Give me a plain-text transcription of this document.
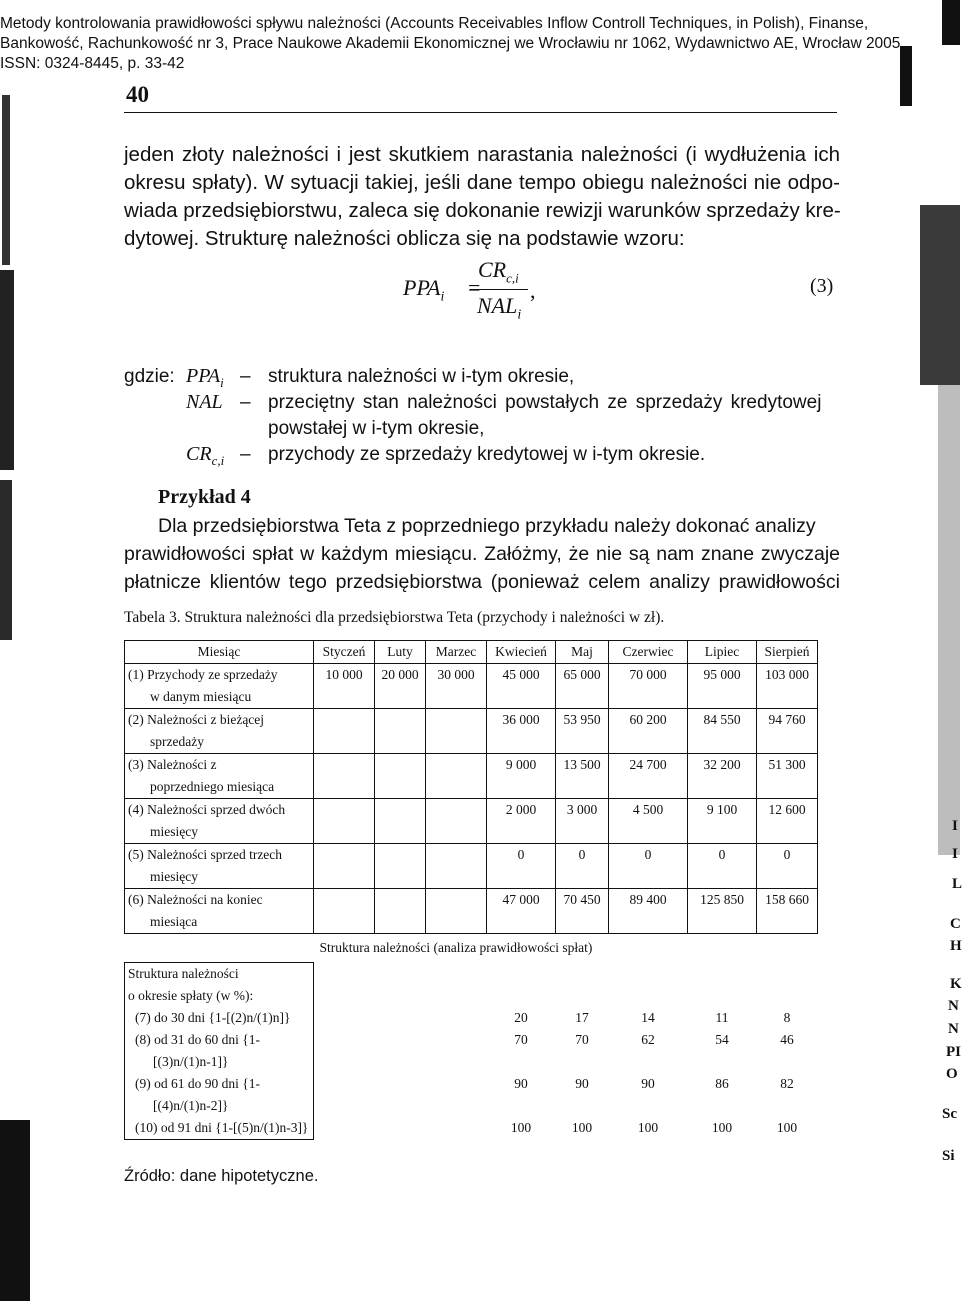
I
I
L
C
H
K
N
N
PI
O
Sc
Si
Metody kontrolowania prawidłowości spływu należności (Accounts Receivables Inflow Controll Techniques, in Polish), Finanse,
Bankowość, Rachunkowość nr 3, Prace Naukowe Akademii Ekonomicznej we Wrocławiu nr 1062, Wydawnictwo AE, Wrocław 2005,
ISSN: 0324-8445, p. 33-42
40
jeden złoty należności i jest skutkiem narastania należności (i wydłużenia ich
okresu spłaty). W sytuacji takiej, jeśli dane tempo obiegu należności nie odpo-
wiada przedsiębiorstwu, zaleca się dokonanie rewizji warunków sprzedaży kre-
dytowej. Strukturę należności oblicza się na podstawie wzoru:
$PPA_i$ =
$CR_{c,i}$
$NAL_i$
,	(3)
gdzie: $PPA_i$ – struktura należności w i-tym okresie,
NAL – przeciętny stan należności powstałych ze sprzedaży kredytowej
powstałej w i-tym okresie,
$CR_{c,i}$ – przychody ze sprzedaży kredytowej w i-tym okresie.
Przykład 4
Dla przedsiębiorstwa Teta z poprzedniego przykładu należy dokonać analizy
prawidłowości spłat w każdym miesiącu. Załóżmy, że nie są nam znane zwyczaje
płatnicze klientów tego przedsiębiorstwa (ponieważ celem analizy prawidłowości
Tabela 3. Struktura należności dla przedsiębiorstwa Teta (przychody i należności w zł).
Miesiąc	Styczeń	Luty	Marzec	Kwiecień	Maj	Czerwiec	Lipiec	Sierpień

(1) Przychody ze sprzedaży
w danym miesiącu	10 000	20 000	30 000	45 000	65 000	70 000	95 000	103 000

(2) Należności z bieżącej
sprzedaży				36 000	53 950	60 200	84 550	94 760

(3) Należności z
poprzedniego miesiąca				9 000	13 500	24 700	32 200	51 300

(4) Należności sprzed dwóch
miesięcy				2 000	3 000	4 500	9 100	12 600

(5) Należności sprzed trzech
miesięcy				0	0	0	0	0

(6) Należności na koniec
miesiąca				47 000	70 450	89 400	125 850	158 660
	Struktura należności (analiza prawidłowości spłat)							

Struktura należności
o okresie spłaty (w %):								

(7) do 30 dni {1-[(2)n/(1)n]}				20	17	14	11	8

(8) od 31 do 60 dni {1-
[(3)n/(1)n-1]}				70	70	62	54	46

(9) od 61 do 90 dni {1-
[(4)n/(1)n-2]}				90	90	90	86	82

(10) od 91 dni {1-[(5)n/(1)n-3]}				100	100	100	100	100
Źródło: dane hipotetyczne.
